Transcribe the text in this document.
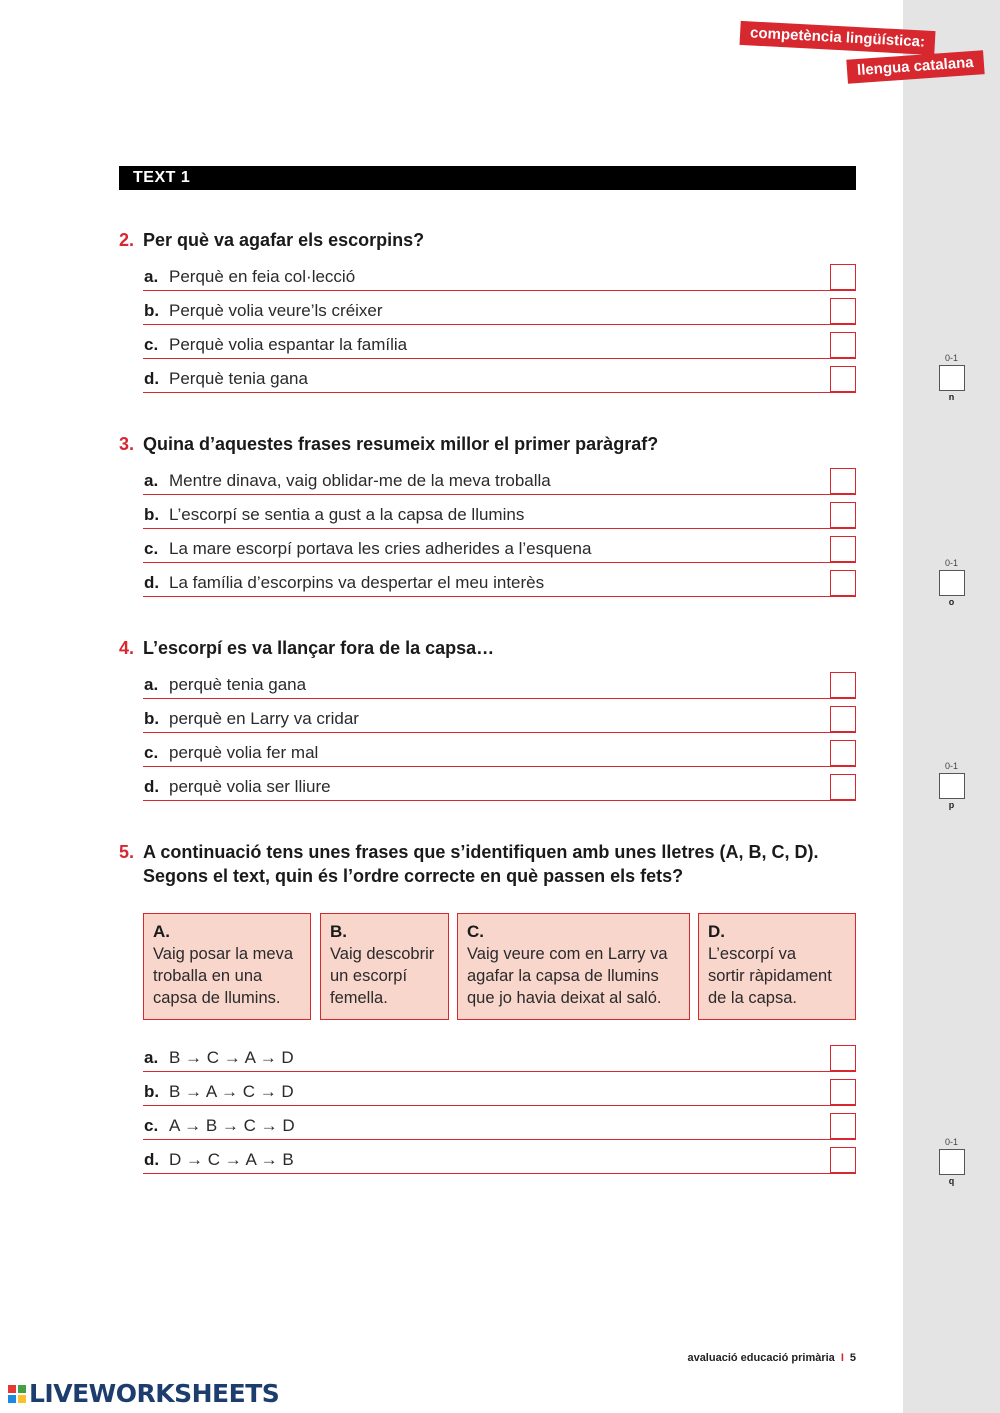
competència lingüística:
llengua catalana
TEXT 1
2. Per què va agafar els escorpins?
a. Perquè en feia col·lecció
b. Perquè volia veure’ls créixer
c. Perquè volia espantar la família
d. Perquè tenia gana
0-1
n
3. Quina d’aquestes frases resumeix millor el primer paràgraf?
a. Mentre dinava, vaig oblidar-me de la meva troballa
b. L’escorpí se sentia a gust a la capsa de llumins
c. La mare escorpí portava les cries adherides a l’esquena
d. La família d’escorpins va despertar el meu interès
0-1
o
4. L’escorpí es va llançar fora de la capsa…
a. perquè tenia gana
b. perquè en Larry va cridar
c. perquè volia fer mal
d. perquè volia ser lliure
0-1
p
5. A continuació tens unes frases que s’identifiquen amb unes lletres (A, B, C, D).
Segons el text, quin és l’ordre correcte en què passen els fets?
A.
Vaig posar la meva
troballa en una
capsa de llumins.
B.
Vaig descobrir
un escorpí
femella.
C.
Vaig veure com en Larry va
agafar la capsa de llumins
que jo havia deixat al saló.
D.
L’escorpí va
sortir ràpidament
de la capsa.
a. B → C → A → D
b. B → A → C → D
c. A → B → C → D
d. D → C → A → B
0-1
q
avaluació educació primària I 5
LIVEWORKSHEETS
